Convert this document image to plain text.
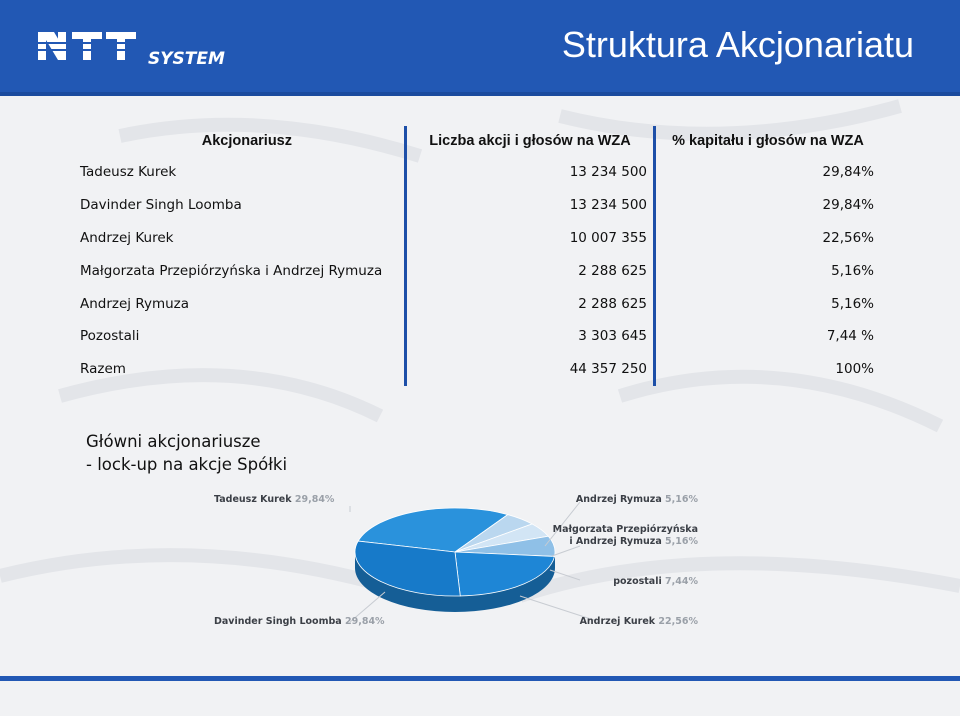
SYSTEM	Struktura Akcjonariatu
Akcjonariusz	Liczba akcji i głosów na WZA	% kapitału i głosów na WZA
Tadeusz Kurek	13 234 500	29,84%
Davinder Singh Loomba	13 234 500	29,84%
Andrzej Kurek	10 007 355	22,56%
Małgorzata Przepiórzyńska i Andrzej Rymuza	2 288 625	5,16%
Andrzej Rymuza	2 288 625	5,16%
Pozostali	3 303 645	7,44 %
Razem	44 357 250	100%
Główni akcjonariusze
- lock-up na akcje Spółki
Tadeusz Kurek 29,84%	Andrzej Rymuza 5,16%
Małgorzata Przepiórzyńska
i Andrzej Rymuza 5,16%
pozostali 7,44%
Andrzej Kurek 22,56%
Davinder Singh Loomba 29,84%
